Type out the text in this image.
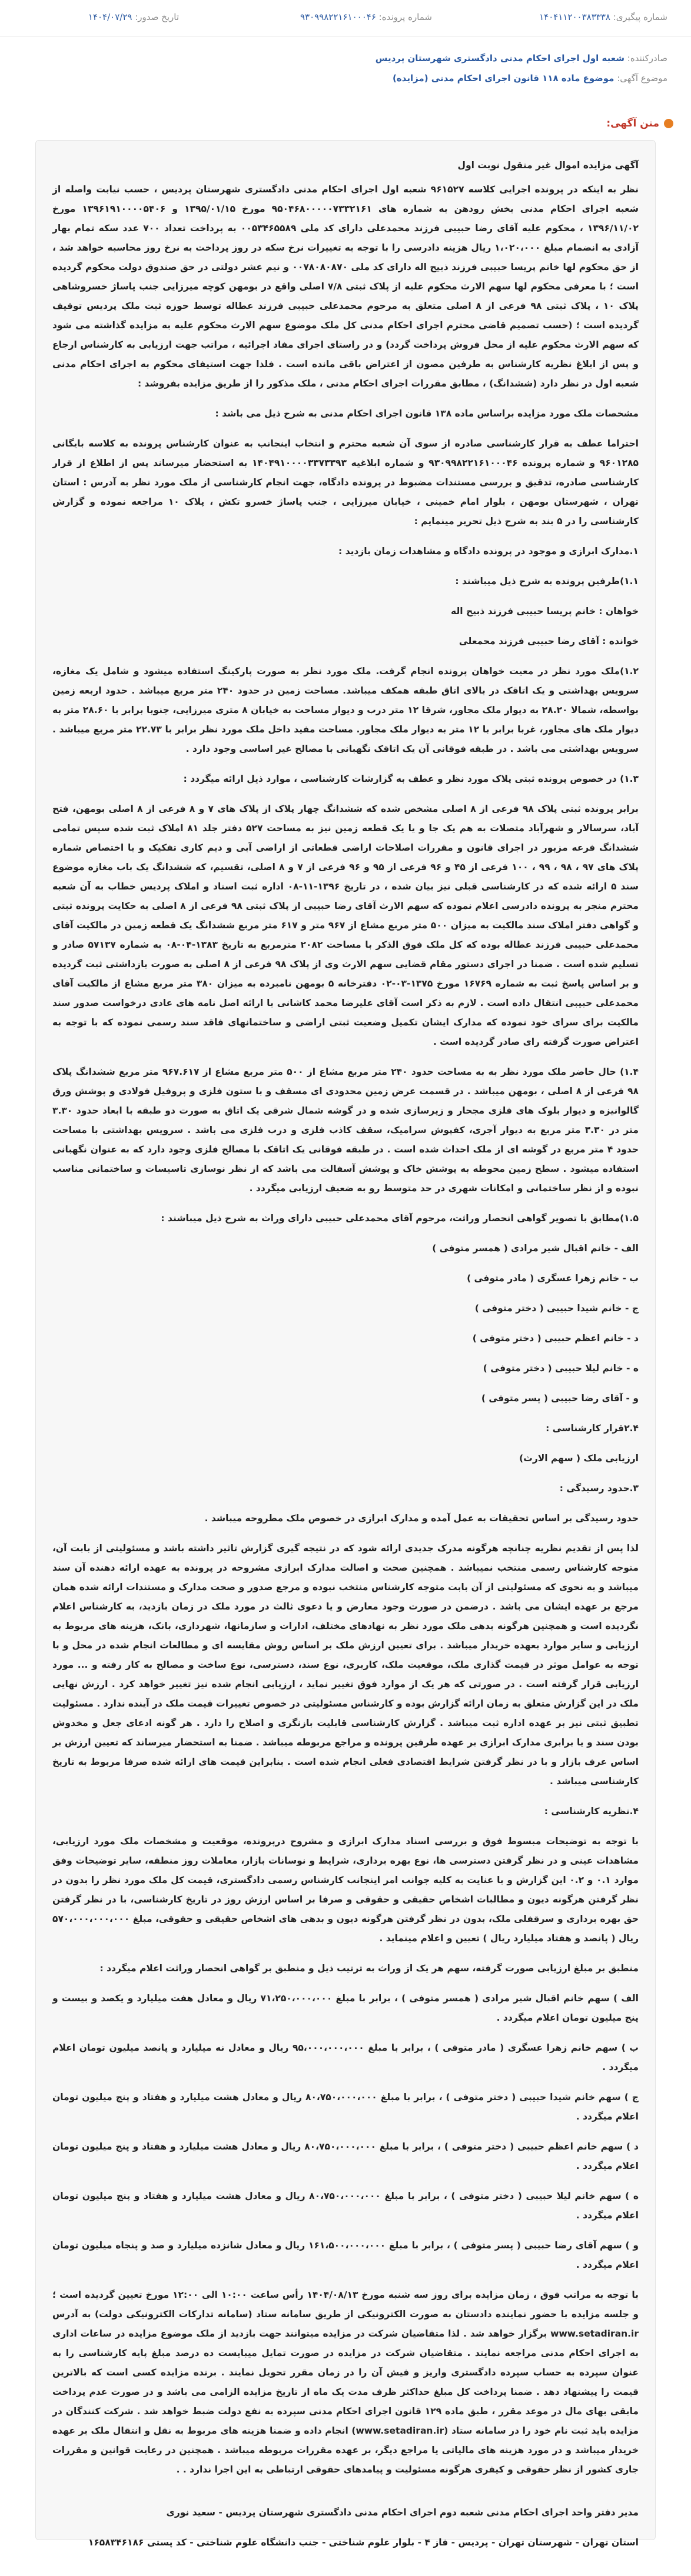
شماره پیگیری: ۱۴۰۴۱۱۲۰۰۳۸۳۳۳۸
شماره پرونده: ۹۳۰۹۹۸۲۲۱۶۱۰۰۰۴۶
تاریخ صدور: ۱۴۰۴/۰۷/۲۹
صادرکننده: شعبه اول اجرای احکام مدنی دادگستری شهرستان پردیس
موضوع آگهی: موضوع ماده ۱۱۸ قانون اجرای احکام مدنی (مزایده)
متن آگهی:
آگهی مزایده اموال غیر منقول نوبت اول
نظر به اینکه در پرونده اجرایی کلاسه ۹۶۱۵۲۷ شعبه اول اجرای احکام مدنی دادگستری شهرستان پردیس ، حسب نیابت واصله از شعبه اجرای احکام مدنی بخش رودهن به شماره های ۹۵۰۴۶۸۰۰۰۰۰۷۳۳۲۱۶۱ مورخ ۱۳۹۵/۰۱/۱۵ و ۱۳۹۶۱۹۱۰۰۰۰۵۴۰۶ مورخ ۱۳۹۶/۱۱/۰۲ ، محکوم علیه آقای رضا حبیبی فرزند محمدعلی دارای کد ملی ۰۰۵۳۴۶۵۵۸۹ به پرداخت تعداد ۷۰۰ عدد سکه تمام بهار آزادی به انضمام مبلغ ۱،۰۲۰،۰۰۰ ریال هزینه دادرسی را با توجه به تغییرات نرخ سکه در روز پرداخت به نرخ روز محاسبه خواهد شد ، از حق محکوم لها خانم پریسا حبیبی فرزند ذبیح اله دارای کد ملی ۰۰۷۸۰۸۰۸۷۰ و نیم عشر دولتی در حق صندوق دولت محکوم گردیده است ؛ با معرفی محکوم لها سهم الارث محکوم علیه از پلاک ثبتی ۷/۸ اصلی واقع در بومهن کوچه میرزایی جنب پاساژ خسروشاهی پلاک ۱۰ ، پلاک ثبتی ۹۸ فرعی از ۸ اصلی متعلق به مرحوم محمدعلی حبیبی فرزند عطاله توسط حوزه ثبت ملک پردیس توقیف گردیده است ؛ (حسب تصمیم قاضی محترم اجرای احکام مدنی کل ملک موضوع سهم الارث محکوم علیه به مزایده گذاشته می شود که سهم الارث محکوم علیه از محل فروش پرداخت گردد) و در راستای اجرای مفاد اجرائیه ، مراتب جهت ارزیابی به کارشناس ارجاع و پس از ابلاغ نظریه کارشناس به طرفین مصون از اعتراض باقی مانده است . فلذا جهت استیفای محکوم به اجرای احکام مدنی شعبه اول در نظر دارد (ششدانگ) ، مطابق مقررات اجرای احکام مدنی ، ملک مذکور را از طریق مزایده بفروشد :
مشخصات ملک مورد مزایده براساس ماده ۱۳۸ قانون اجرای احکام مدنی به شرح ذیل می باشد :
احتراما عطف به قرار کارشناسی صادره از سوی آن شعبه محترم و انتخاب اینجانب به عنوان کارشناس پرونده به کلاسه بایگانی ۹۶۰۱۲۸۵ و شماره پرونده ۹۳۰۹۹۸۲۲۱۶۱۰۰۰۴۶ و شماره ابلاغیه ۱۴۰۴۹۱۰۰۰۰۳۳۷۳۳۹۳ به استحضار میرساند پس از اطلاع از قرار کارشناسی صادره، تدقیق و بررسی مستندات مضبوط در پرونده دادگاه، جهت انجام کارشناسی از ملک مورد نظر به آدرس : استان تهران ، شهرستان بومهن ، بلوار امام خمینی ، خیابان میرزایی ، جنب پاساژ خسرو تکش ، پلاک ۱۰ مراجعه نموده و گزارش کارشناسی را در ۵ بند به شرح ذیل تحریر مینمایم :
۱.مدارک ابرازی و موجود در پرونده دادگاه و مشاهدات زمان بازدید :
۱.۱)طرفین پرونده به شرح ذیل میباشند :
خواهان : خانم پریسا حبیبی فرزند ذبیح اله
خوانده : آقای رضا حبیبی فرزند محمعلی
۱.۲)ملک مورد نظر در معیت خواهان پرونده انجام گرفت. ملک مورد نظر به صورت پارکینگ استفاده میشود و شامل یک مغازه، سرویس بهداشتی و یک اتاقک در بالای اتاق طبقه همکف میباشد. مساحت زمین در حدود ۲۴۰ متر مربع میباشد . حدود اربعه زمین بواسطه، شمالا ۲۸.۲۰ به دیوار ملک مجاور، شرقا ۱۲ متر درب و دیوار مساحت به خیابان ۸ متری میرزایی، جنوبا برابر با ۲۸.۶۰ متر به دیوار ملک های مجاور، غربا برابر با ۱۲ متر به دیوار ملک مجاور. مساحت مفید داخل ملک مورد نظر برابر با ۲۲.۷۳ متر مربع میباشد . سرویس بهداشتی می باشد . در طبقه فوقانی آن یک اتاقک نگهبانی با مصالح غیر اساسی وجود دارد .
۱.۳) در خصوص پرونده ثبتی پلاک مورد نظر و عطف به گزارشات کارشناسی ، موارد ذیل ارائه میگردد :
برابر پرونده ثبتی پلاک ۹۸ فرعی از ۸ اصلی مشخص شده که ششدانگ چهار پلاک از پلاک های ۷ و ۸ فرعی از ۸ اصلی بومهن، فتح آباد، سرسالار و شهرآباد متصلات به هم یک جا و یا یک قطعه زمین نیز به مساحت ۵۲۷ دفتر جلد ۸۱ املاک ثبت شده سپس تمامی ششدانگ فرعه مزبور در اجرای قانون و مقررات اصلاحات اراضی قطعاتی از اراضی آبی و دیم کاری تفکیک و با اختصاص شماره پلاک های ۹۷ ، ۹۸ ، ۹۹ ، ۱۰۰ فرعی از ۴۵ و ۹۶ فرعی از ۹۵ و ۹۶ فرعی از ۷ و ۸ اصلی، تقسیم، که ششدانگ یک باب مغازه موضوع سند ۵ ارائه شده که در کارشناسی قبلی نیز بیان شده ، در تاریخ ۱۳۹۶-۱۱-۰۸ اداره ثبت اسناد و املاک پردیس خطاب به آن شعبه محترم منجر به پرونده دادرسی اعلام نموده که سهم الارث آقای رضا حبیبی از پلاک ثبتی ۹۸ فرعی از ۸ اصلی به حکایت پرونده ثبتی و گواهی دفتر املاک سند مالکیت به میزان ۵۰۰ متر مربع مشاع از ۹۶۷ متر و ۶۱۷ متر مربع ششدانگ یک قطعه زمین در مالکیت آقای محمدعلی حبیبی فرزند عطاله بوده که کل ملک فوق الذکر با مساحت ۲۰۸۲ مترمربع به تاریخ ۱۳۸۳-۰۴-۰۸ به شماره ۵۷۱۳۷ صادر و تسلیم شده است . ضمنا در اجرای دستور مقام قضایی سهم الارث وی از پلاک ۹۸ فرعی از ۸ اصلی به صورت بازداشتی ثبت گردیده و بر اساس پاسخ ثبت به شماره ۱۶۷۶۹ مورخ ۱۳۷۵-۰۳-۰۲ دفترخانه ۵ بومهن نامبرده به میزان ۳۸۰ متر مربع مشاع از مالکیت آقای محمدعلی حبیبی انتقال داده است . لازم به ذکر است آقای علیرضا محمد کاشانی با ارائه اصل نامه های عادی درخواست صدور سند مالکیت برای سرای خود نموده که مدارک ایشان تکمیل وضعیت ثبتی اراضی و ساختمانهای فاقد سند رسمی نموده که با توجه به اعتراض صورت گرفته رای صادر گردیده است .
۱.۴) حال حاضر ملک مورد نظر به به مساحت حدود ۲۴۰ متر مربع مشاع از ۵۰۰ متر مربع مشاع از ۹۶۷.۶۱۷ متر مربع ششدانگ پلاک ۹۸ فرعی از ۸ اصلی ، بومهن میباشد . در قسمت عرض زمین محدودی ای مسقف و با ستون فلزی و پروفیل فولادی و پوشش ورق گالوانیزه و دیوار بلوک های فلزی مجحار و زیرسازی شده و در گوشه شمال شرقی یک اتاق به صورت دو طبقه با ابعاد حدود ۳.۳۰ متر در ۳.۳۰ متر مربع به دیوار آجری، کفپوش سرامیک، سقف کاذب فلزی و درب فلزی می باشد . سرویس بهداشتی با مساحت حدود ۴ متر مربع در گوشه ای از ملک احداث شده است . در طبقه فوقانی یک اتاقک با مصالح فلزی وجود دارد که به عنوان نگهبانی استفاده میشود . سطح زمین محوطه به پوشش خاک و پوشش آسفالت می باشد که از نظر نوسازی تاسیسات و ساختمانی مناسب نبوده و از نظر ساختمانی و امکانات شهری در حد متوسط رو به ضعیف ارزیابی میگردد .
۱.۵)مطابق با تصویر گواهی انحصار وراثت، مرحوم آقای محمدعلی حبیبی دارای وراث به شرح ذیل میباشند :
الف - خانم اقبال شیر مرادی ( همسر متوفی )
ب - خانم زهرا عسگری ( مادر متوفی )
ج - خانم شیدا حبیبی ( دختر متوفی )
د - خانم اعظم حبیبی ( دختر متوفی )
ه - خانم لیلا حبیبی ( دختر متوفی )
و - آقای رضا حبیبی ( پسر متوفی )
۲.۴قرار کارشناسی :
ارزیابی ملک ( سهم الارث)
۳.حدود رسیدگی :
حدود رسیدگی بر اساس تحقیقات به عمل آمده و مدارک ابرازی در خصوص ملک مطروحه میباشد .
لذا پس از تقدیم نظریه چنانچه هرگونه مدرک جدیدی ارائه شود که در نتیجه گیری گزارش تاثیر داشته باشد و مسئولیتی از بابت آن، متوجه کارشناس رسمی منتخب نمیباشد . همچنین صحت و اصالت مدارک ابرازی مشروحه در پرونده به عهده ارائه دهنده آن سند میباشد و به نحوی که مسئولیتی از آن بابت متوجه کارشناس منتخب نبوده و مرجع صدور و صحت مدارک و مستندات ارائه شده همان مرجع بر عهده ایشان می باشد . درضمن در صورت وجود معارض و یا دعوی ثالث در مورد ملک در زمان بازدید، به کارشناس اعلام نگردیده است و همچنین هرگونه بدهی ملک مورد نظر به نهادهای مختلف، ادارات و سازمانها، شهرداری، بانک، هزینه های مربوط به ارزیابی و سایر موارد بعهده خریدار میباشد . برای تعیین ارزش ملک بر اساس روش مقایسه ای و مطالعات انجام شده در محل و با توجه به عوامل موثر در قیمت گذاری ملک، موقعیت ملک، کاربری، نوع سند، دسترسی، نوع ساخت و مصالح به کار رفته و ... مورد ارزیابی قرار گرفته است . در صورتی که هر یک از موارد فوق تغییر نماید ، ارزیابی انجام شده نیز تغییر خواهد کرد . ارزش نهایی ملک در این گزارش متعلق به زمان ارائه گزارش بوده و کارشناس مسئولیتی در خصوص تغییرات قیمت ملک در آینده ندارد . مسئولیت تطبیق ثبتی نیز بر عهده اداره ثبت میباشد . گزارش کارشناسی قابلیت بازنگری و اصلاح را دارد . هر گونه ادعای جعل و مخدوش بودن سند و یا برابری مدارک ابرازی بر عهده طرفین پرونده و مراجع مربوطه میباشد . ضمنا به استحضار میرساند که تعیین ارزش بر اساس عرف بازار و با در نظر گرفتن شرایط اقتصادی فعلی انجام شده است . بنابراین قیمت های ارائه شده صرفا مربوط به تاریخ کارشناسی میباشد .
۴.نظریه کارشناسی :
با توجه به توضیحات مبسوط فوق و بررسی اسناد مدارک ابرازی و مشروح درپرونده، موقعیت و مشخصات ملک مورد ارزیابی، مشاهدات عینی و در نظر گرفتن دسترسی ها، نوع بهره برداری، شرایط و نوسانات بازار، معاملات روز منطقه، سایر توضیحات وفق موارد ۰.۱ و ۰.۲ این گزارش و با عنایت به کلیه جوانب امر اینجانب کارشناس رسمی دادگستری، قیمت کل ملک مورد نظر را بدون در نظر گرفتن هرگونه دیون و مطالبات اشخاص حقیقی و حقوقی و صرفا بر اساس ارزش روز در تاریخ کارشناسی، با در نظر گرفتن حق بهره برداری و سرقفلی ملک، بدون در نظر گرفتن هرگونه دیون و بدهی های اشخاص حقیقی و حقوقی، مبلغ ۵۷۰،۰۰۰،۰۰۰،۰۰۰ ریال ( پانصد و هفتاد میلیارد ریال ) تعیین و اعلام مینماید .
منطبق بر مبلغ ارزیابی صورت گرفته، سهم هر یک از وراث به ترتیب ذیل و منطبق بر گواهی انحصار وراثت اعلام میگردد :
الف ) سهم خانم اقبال شیر مرادی ( همسر متوفی ) ، برابر با مبلغ ۷۱،۲۵۰،۰۰۰،۰۰۰ ریال و معادل هفت میلیارد و یکصد و بیست و پنج میلیون تومان اعلام میگردد .
ب ) سهم خانم زهرا عسگری ( مادر متوفی ) ، برابر با مبلغ ۹۵،۰۰۰،۰۰۰،۰۰۰ ریال و معادل نه میلیارد و پانصد میلیون تومان اعلام میگردد .
ج ) سهم خانم شیدا حبیبی ( دختر متوفی ) ، برابر با مبلغ ۸۰،۷۵۰،۰۰۰،۰۰۰ ریال و معادل هشت میلیارد و هفتاد و پنج میلیون تومان اعلام میگردد .
د ) سهم خانم اعظم حبیبی ( دختر متوفی ) ، برابر با مبلغ ۸۰،۷۵۰،۰۰۰،۰۰۰ ریال و معادل هشت میلیارد و هفتاد و پنج میلیون تومان اعلام میگردد .
ه ) سهم خانم لیلا حبیبی ( دختر متوفی ) ، برابر با مبلغ ۸۰،۷۵۰،۰۰۰،۰۰۰ ریال و معادل هشت میلیارد و هفتاد و پنج میلیون تومان اعلام میگردد .
و ) سهم آقای رضا حبیبی ( پسر متوفی ) ، برابر با مبلغ ۱۶۱،۵۰۰،۰۰۰،۰۰۰ ریال و معادل شانزده میلیارد و صد و پنجاه میلیون تومان اعلام میگردد .
با توجه به مراتب فوق ، زمان مزایده برای روز سه شنبه مورخ ۱۴۰۴/۰۸/۱۳ رأس ساعت ۱۰:۰۰ الی ۱۲:۰۰ مورخ تعیین گردیده است ؛ و جلسه مزایده با حضور نماینده دادستان به صورت الکترونیکی از طریق سامانه ستاد (سامانه تدارکات الکترونیکی دولت) به آدرس www.setadiran.ir برگزار خواهد شد . لذا متقاضیان شرکت در مزایده میتوانند جهت بازدید از ملک موضوع مزایده در ساعات اداری به اجرای احکام مدنی مراجعه نمایند . متقاضیان شرکت در مزایده در صورت تمایل میبایست ده درصد مبلغ پایه کارشناسی را به عنوان سپرده به حساب سپرده دادگستری واریز و فیش آن را در زمان مقرر تحویل نمایند . برنده مزایده کسی است که بالاترین قیمت را پیشنهاد دهد . ضمنا پرداخت کل مبلغ حداکثر ظرف مدت یک ماه از تاریخ مزایده الزامی می باشد و در صورت عدم پرداخت مابقی بهای مال در موعد مقرر ، طبق ماده ۱۲۹ قانون اجرای احکام مدنی سپرده به نفع دولت ضبط خواهد شد . شرکت کنندگان در مزایده باید ثبت نام خود را در سامانه ستاد (www.setadiran.ir) انجام داده و ضمنا هزینه های مربوط به نقل و انتقال ملک بر عهده خریدار میباشد و در مورد هزینه های مالیاتی یا مراجع دیگر، بر عهده مقررات مربوطه میباشد . همچنین در رعایت قوانین و مقررات جاری کشور از نظر حقوقی و کیفری هرگونه مسئولیت و پیامدهای حقوقی ارتباطی به این اجرا ندارد . .
مدیر دفتر واحد اجرای احکام مدنی شعبه دوم اجرای احکام مدنی دادگستری شهرستان پردیس - سعید نوری
استان تهران - شهرستان تهران - پردیس - فاز ۴ - بلوار علوم شناختی - جنب دانشگاه علوم شناختی - کد پستی ۱۶۵۸۳۴۶۱۸۶
